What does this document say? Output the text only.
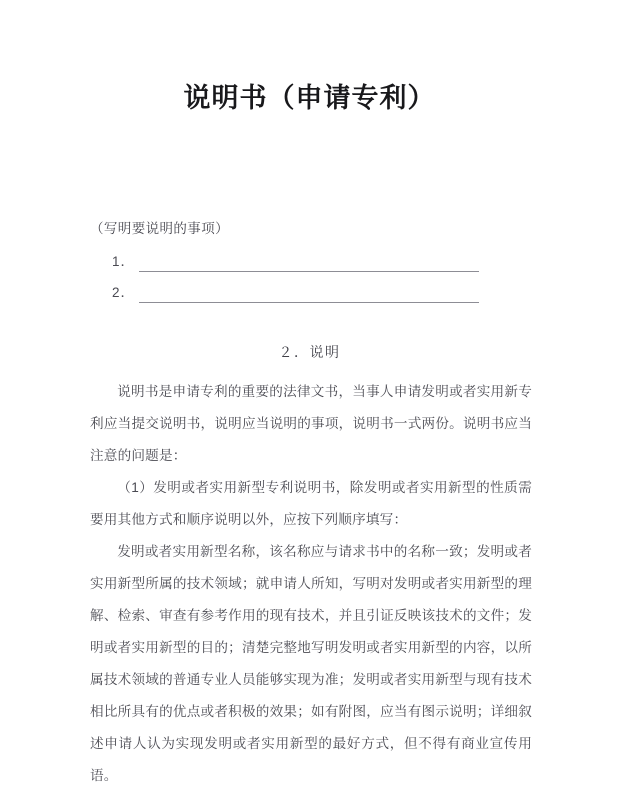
说明书（申请专利）
（写明要说明的事项）
1．
2．
２．说明

说明书是申请专利的重要的法律文书，当事人申请发明或者实用新专利应当提交说明书，说明应当说明的事项，说明书一式两份。说明书应当注意的问题是：

（1）发明或者实用新型专利说明书，除发明或者实用新型的性质需要用其他方式和顺序说明以外，应按下列顺序填写：

发明或者实用新型名称，该名称应与请求书中的名称一致；发明或者实用新型所属的技术领域；就申请人所知，写明对发明或者实用新型的理解、检索、审查有参考作用的现有技术，并且引证反映该技术的文件；发明或者实用新型的目的；清楚完整地写明发明或者实用新型的内容，以所属技术领域的普通专业人员能够实现为准；发明或者实用新型与现有技术相比所具有的优点或者积极的效果；如有附图，应当有图示说明；详细叙述申请人认为实现发明或者实用新型的最好方式，但不得有商业宣传用语。
